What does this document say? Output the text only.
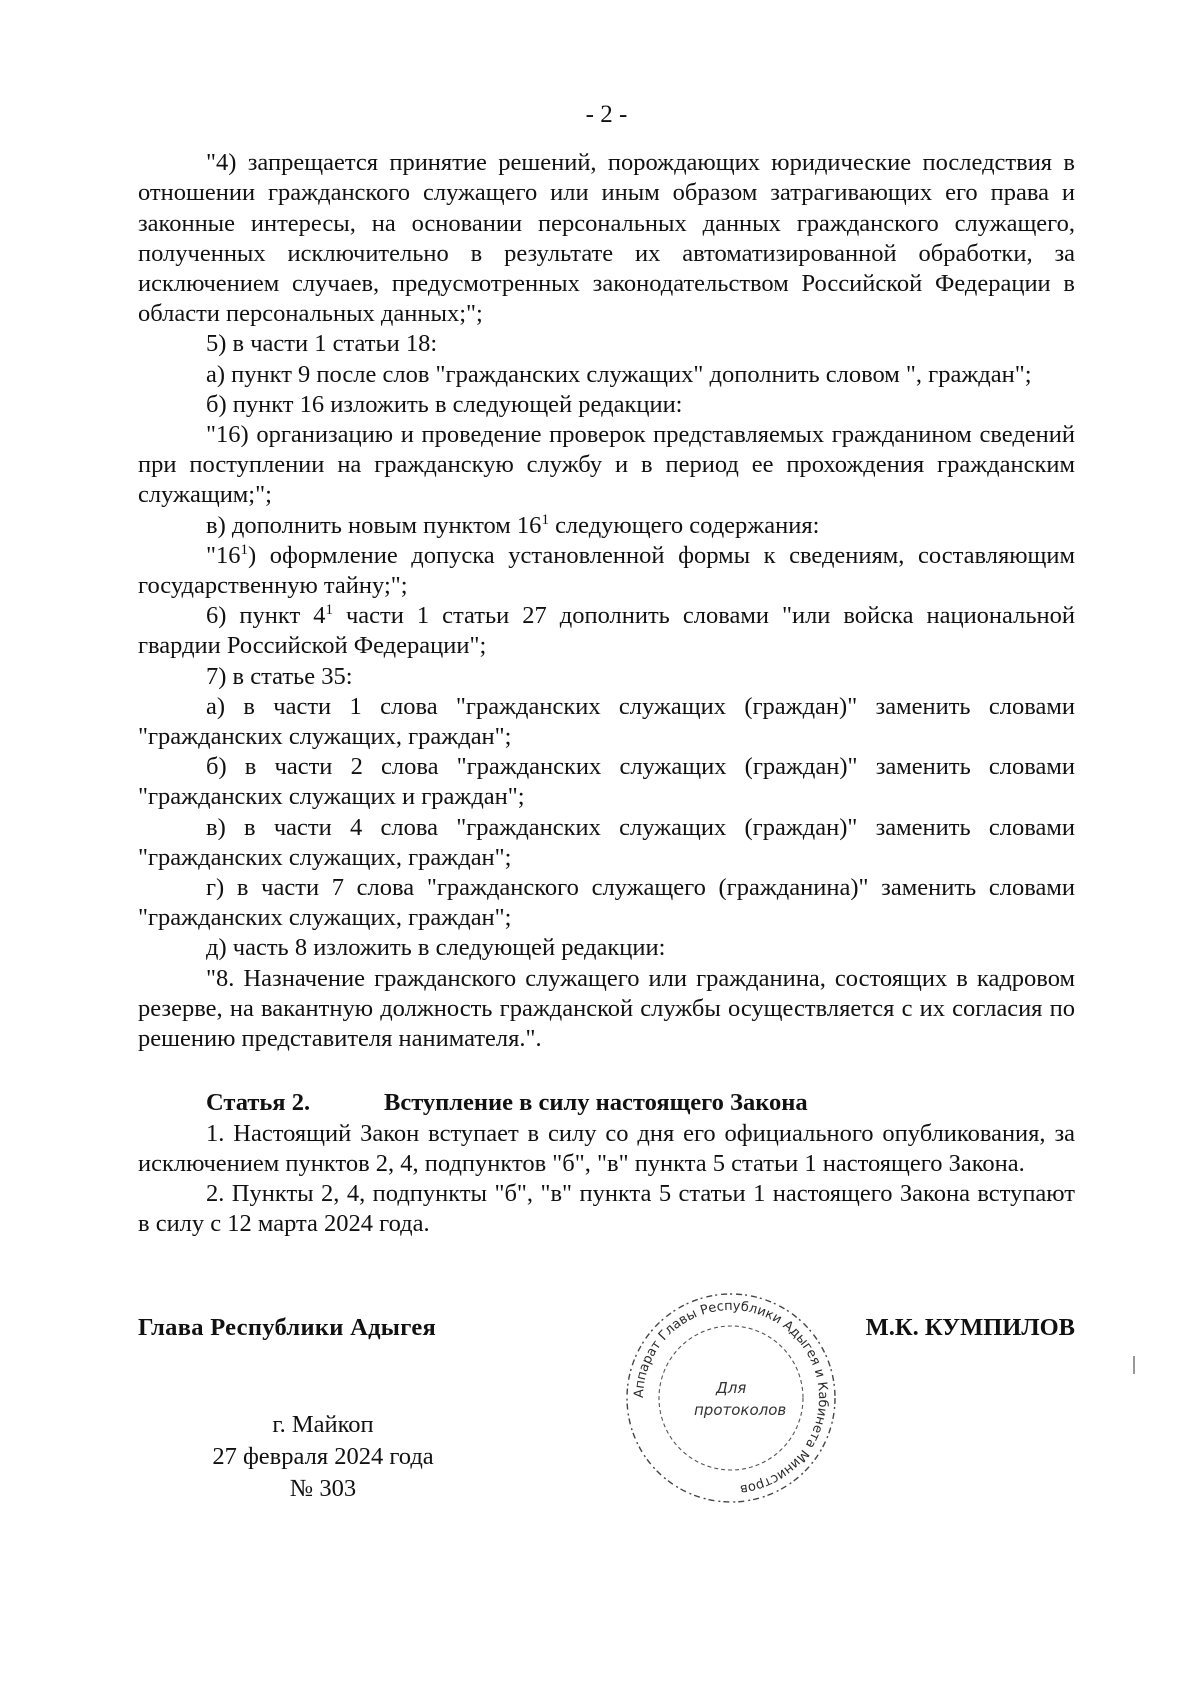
- 2 -

"4) запрещается принятие решений, порождающих юридические последствия в отношении гражданского служащего или иным образом затрагивающих его права и законные интересы, на основании персональных данных гражданского служащего, полученных исключительно в результате их автоматизированной обработки, за исключением случаев, предусмотренных законодательством Российской Федерации в области персональных данных;";

5) в части 1 статьи 18:

а) пункт 9 после слов "гражданских служащих" дополнить словом ", граждан";

б) пункт 16 изложить в следующей редакции:

"16) организацию и проведение проверок представляемых гражданином сведений при поступлении на гражданскую службу и в период ее прохождения гражданским служащим;";

в) дополнить новым пунктом $16^1$ следующего содержания:

"$16^1$) оформление допуска установленной формы к сведениям, составляющим государственную тайну;";

6) пункт $4^1$ части 1 статьи 27 дополнить словами "или войска национальной гвардии Российской Федерации";

7) в статье 35:

а) в части 1 слова "гражданских служащих (граждан)" заменить словами "гражданских служащих, граждан";

б) в части 2 слова "гражданских служащих (граждан)" заменить словами "гражданских служащих и граждан";

в) в части 4 слова "гражданских служащих (граждан)" заменить словами "гражданских служащих, граждан";

г) в части 7 слова "гражданского служащего (гражданина)" заменить словами "гражданских служащих, граждан";

д) часть 8 изложить в следующей редакции:

"8. Назначение гражданского служащего или гражданина, состоящих в кадровом резерве, на вакантную должность гражданской службы осуществляется с их согласия по решению представителя нанимателя.".

Статья 2.	Вступление в силу настоящего Закона

1. Настоящий Закон вступает в силу со дня его официального опубликования, за исключением пунктов 2, 4, подпунктов "б", "в" пункта 5 статьи 1 настоящего Закона.

2. Пункты 2, 4, подпункты "б", "в" пункта 5 статьи 1 настоящего Закона вступают в силу с 12 марта 2024 года.

Глава Республики Адыгея	М.К. КУМПИЛОВ
Аппарат Главы Республики Адыгея и Кабинета Министров
Для
протоколов
г. Майкоп
27 февраля 2024 года
№ 303
